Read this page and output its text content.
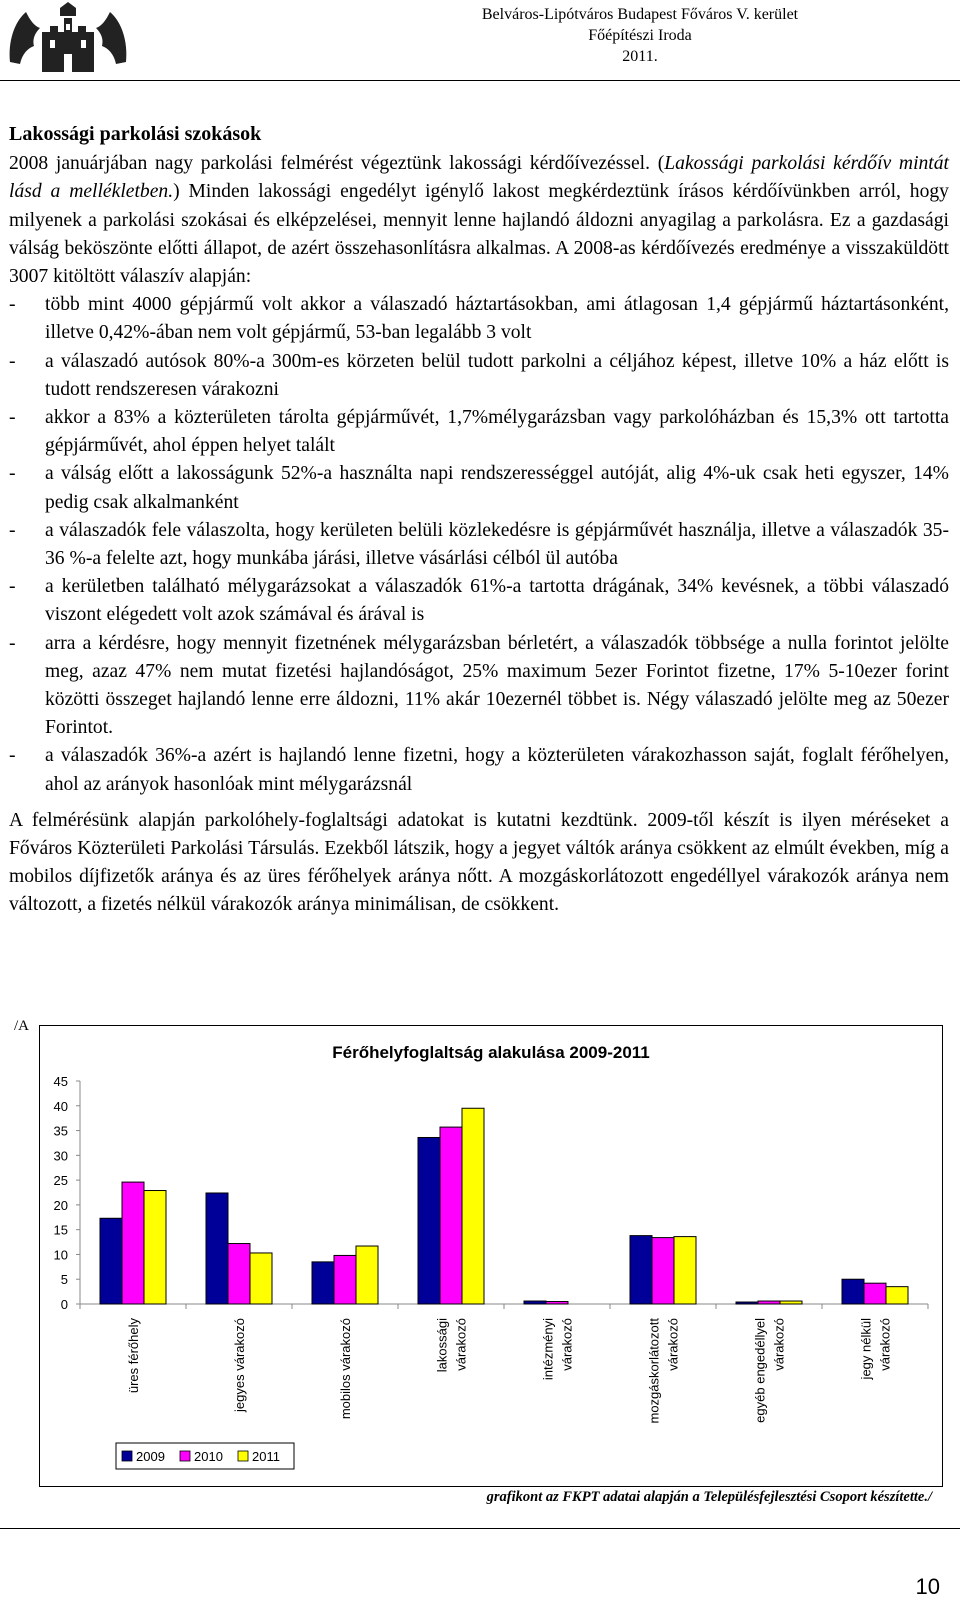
Belváros-Lipótváros Budapest Főváros V. kerület
Főépítészi Iroda
2011.
Lakossági parkolási szokások

2008 januárjában nagy parkolási felmérést végeztünk lakossági kérdőívezéssel. (Lakossági parkolási kérdőív mintát lásd a mellékletben.) Minden lakossági engedélyt igénylő lakost megkérdeztünk írásos kérdőívünkben arról, hogy milyenek a parkolási szokásai és elképzelései, mennyit lenne hajlandó áldozni anyagilag a parkolásra. Ez a gazdasági válság beköszönte előtti állapot, de azért összehasonlításra alkalmas. A 2008-as kérdőívezés eredménye a visszaküldött 3007 kitöltött válaszív alapján:

-	több mint 4000 gépjármű volt akkor a válaszadó háztartásokban, ami átlagosan 1,4 gépjármű háztartásonként, illetve 0,42%-ában nem volt gépjármű, 53-ban legalább 3 volt
-	a válaszadó autósok 80%-a 300m-es körzeten belül tudott parkolni a céljához képest, illetve 10% a ház előtt is tudott rendszeresen várakozni
-	akkor a 83% a közterületen tárolta gépjárművét, 1,7%mélygarázsban vagy parkolóházban és 15,3% ott tartotta gépjárművét, ahol éppen helyet talált
-	a válság előtt a lakosságunk 52%-a használta napi rendszerességgel autóját, alig 4%-uk csak heti egyszer, 14% pedig csak alkalmanként
-	a válaszadók fele válaszolta, hogy kerületen belüli közlekedésre is gépjárművét használja, illetve a válaszadók 35-36 %-a felelte azt, hogy munkába járási, illetve vásárlási célból ül autóba
-	a kerületben található mélygarázsokat a válaszadók 61%-a tartotta drágának, 34% kevésnek, a többi válaszadó viszont elégedett volt azok számával és árával is
-	arra a kérdésre, hogy mennyit fizetnének mélygarázsban bérletért, a válaszadók többsége a nulla forintot jelölte meg, azaz 47% nem mutat fizetési hajlandóságot, 25% maximum 5ezer Forintot fizetne, 17% 5-10ezer forint közötti összeget hajlandó lenne erre áldozni, 11% akár 10ezernél többet is. Négy válaszadó jelölte meg az 50ezer Forintot.
-	a válaszadók 36%-a azért is hajlandó lenne fizetni, hogy a közterületen várakozhasson saját, foglalt férőhelyen, ahol az arányok hasonlóak mint mélygarázsnál

A felmérésünk alapján parkolóhely-foglaltsági adatokat is kutatni kezdtünk. 2009-től készít is ilyen méréseket a Főváros Közterületi Parkolási Társulás. Ezekből látszik, hogy a jegyet váltók aránya csökkent az elmúlt években, míg a mobilos díjfizetők aránya és az üres férőhelyek aránya nőtt. A mozgáskorlátozott engedéllyel várakozók aránya nem változott, a fizetés nélkül várakozók aránya minimálisan, de csökkent.

/A
Férőhelyfoglaltság alakulása 2009-2011
0
5
10
15
20
25
30
35
40
45
üres férőhely	jegyes várakozó	mobilos várakozó	lakossági várakozó	intézményi várakozó	mozgáskorlátozott várakozó	egyéb engedéllyel várakozó	jegy nélkül várakozó
2009 2010 2011
grafikont az FKPT adatai alapján a Településfejlesztési Csoport készítette./
10
